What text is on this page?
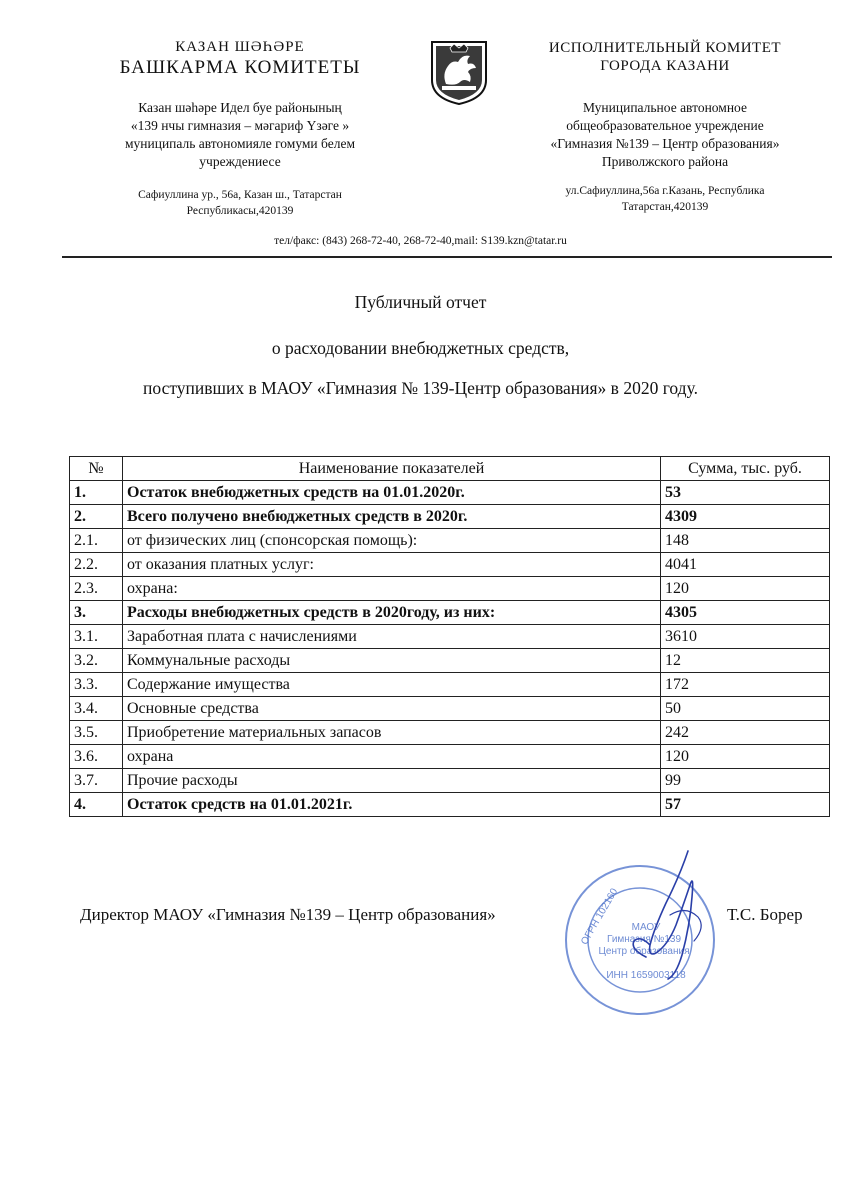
КАЗАН ШӘҺӘРЕ
БАШКАРМА КОМИТЕТЫ
Казан шәһәре Идел буе районының
«139 нчы гимназия – мәгариф Үзәге »
муниципаль автономияле гомуми белем
учреждениесе
Сафиуллина ур., 56а, Казан ш., Татарстан
Республикасы,420139
ИСПОЛНИТЕЛЬНЫЙ КОМИТЕТ
ГОРОДА КАЗАНИ
Муниципальное автономное
общеобразовательное учреждение
«Гимназия №139 – Центр образования»
Приволжского района
ул.Сафиуллина,56а г.Казань, Республика
Татарстан,420139
тел/факс: (843) 268-72-40, 268-72-40,mail: S139.kzn@tatar.ru
Публичный отчет
о расходовании внебюджетных средств,
поступивших в МАОУ «Гимназия № 139-Центр образования» в 2020 году.
№	Наименование показателей	Сумма, тыс. руб.
1.	Остаток внебюджетных средств на 01.01.2020г.	53
2.	Всего получено внебюджетных средств в 2020г.	4309
2.1.	от физических лиц (спонсорская помощь):	148
2.2.	от оказания платных услуг:	4041
2.3.	охрана:	120
3.	Расходы внебюджетных средств в 2020году, из них:	4305
3.1.	Заработная плата с начислениями	3610
3.2.	Коммунальные расходы	12
3.3.	Содержание имущества	172
3.4.	Основные средства	50
3.5.	Приобретение материальных запасов	242
3.6.	охрана	120
3.7.	Прочие расходы	99
4.	Остаток средств на 01.01.2021г.	57
ОГРН 102160 МАОУ
Гимназия №139
Центр образования
ИНН 1659003118
Директор МАОУ «Гимназия №139 – Центр образования»	Т.С. Борер
